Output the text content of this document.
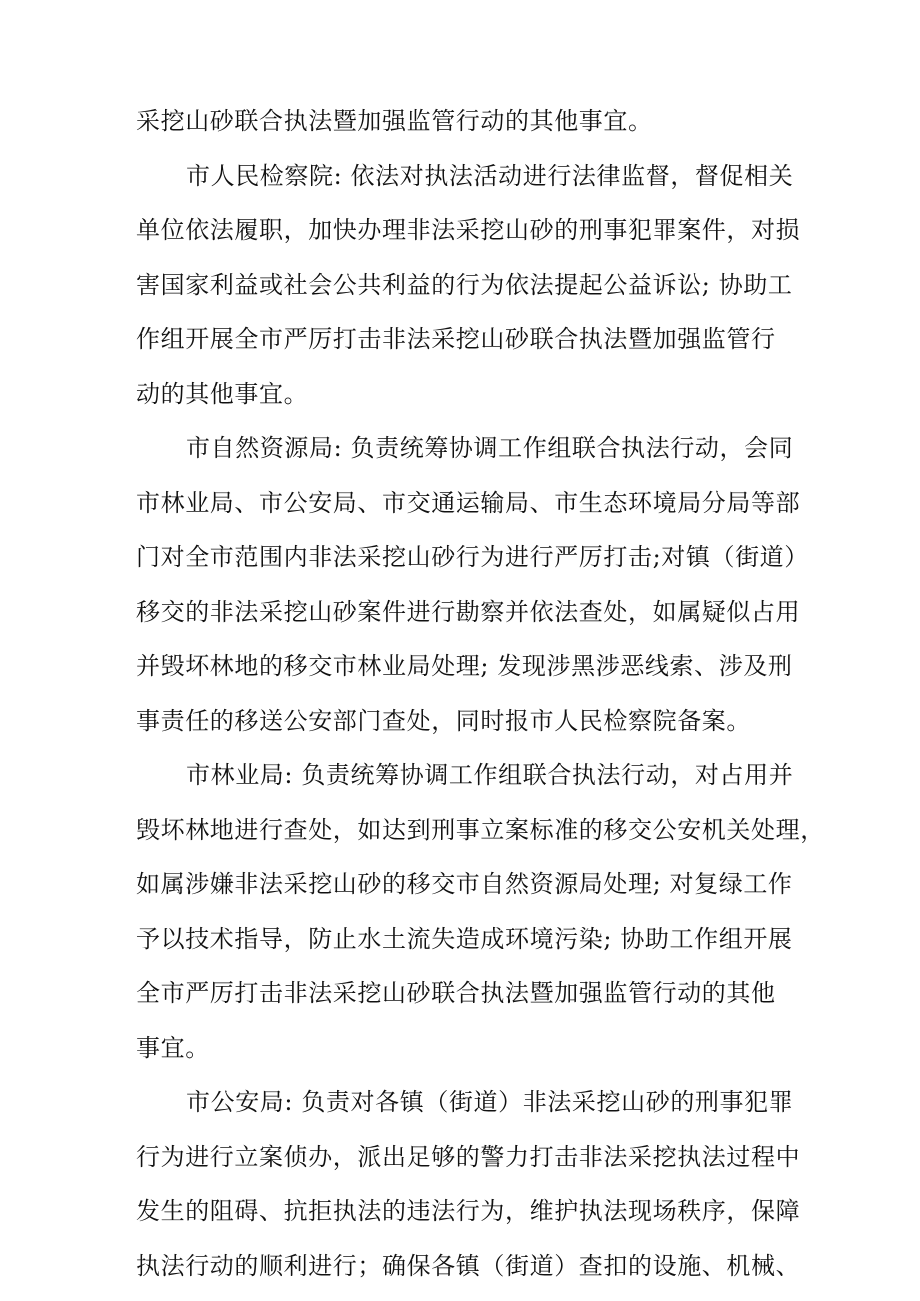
采挖山砂联合执法暨加强监管行动的其他事宜。
市人民检察院: 依法对执法活动进行法律监督，督促相关
单位依法履职，加快办理非法采挖山砂的刑事犯罪案件，对损
害国家利益或社会公共利益的行为依法提起公益诉讼; 协助工
作组开展全市严厉打击非法采挖山砂联合执法暨加强监管行
动的其他事宜。
市自然资源局: 负责统筹协调工作组联合执法行动，会同
市林业局、市公安局、市交通运输局、市生态环境局分局等部
门对全市范围内非法采挖山砂行为进行严厉打击;对镇（街道）
移交的非法采挖山砂案件进行勘察并依法查处，如属疑似占用
并毁坏林地的移交市林业局处理; 发现涉黑涉恶线索、涉及刑
事责任的移送公安部门查处，同时报市人民检察院备案。
市林业局: 负责统筹协调工作组联合执法行动，对占用并
毁坏林地进行查处，如达到刑事立案标准的移交公安机关处理，
如属涉嫌非法采挖山砂的移交市自然资源局处理; 对复绿工作
予以技术指导，防止水土流失造成环境污染; 协助工作组开展
全市严厉打击非法采挖山砂联合执法暨加强监管行动的其他
事宜。
市公安局: 负责对各镇（街道）非法采挖山砂的刑事犯罪
行为进行立案侦办，派出足够的警力打击非法采挖执法过程中
发生的阻碍、抗拒执法的违法行为，维护执法现场秩序，保障
执法行动的顺利进行；确保各镇（街道）查扣的设施、机械、
